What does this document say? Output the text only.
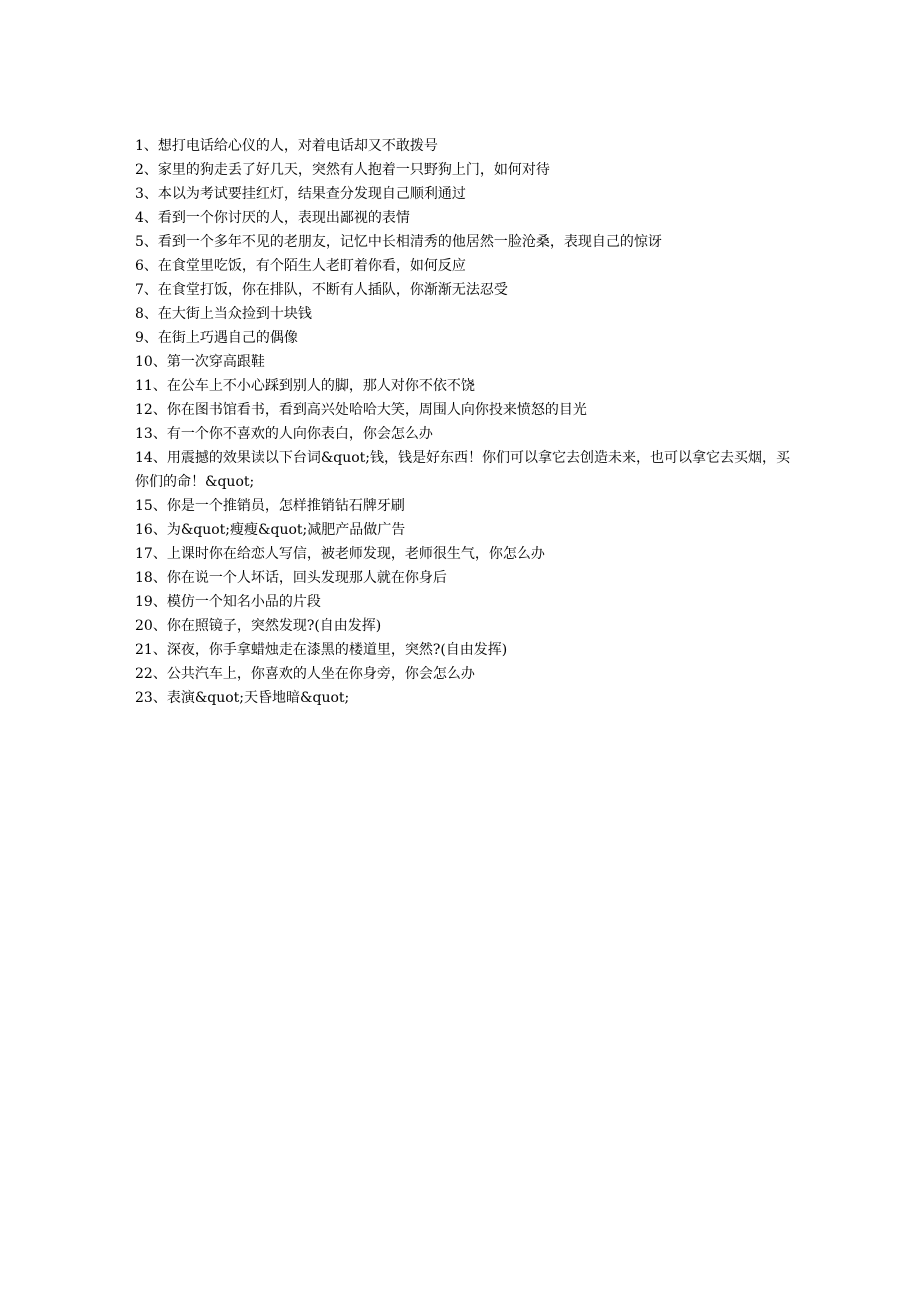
1、想打电话给心仪的人，对着电话却又不敢拨号

2、家里的狗走丢了好几天，突然有人抱着一只野狗上门，如何对待

3、本以为考试要挂红灯，结果查分发现自己顺利通过

4、看到一个你讨厌的人，表现出鄙视的表情

5、看到一个多年不见的老朋友，记忆中长相清秀的他居然一脸沧桑，表现自己的惊讶

6、在食堂里吃饭，有个陌生人老盯着你看，如何反应

7、在食堂打饭，你在排队，不断有人插队，你渐渐无法忍受

8、在大街上当众捡到十块钱

9、在街上巧遇自己的偶像

10、第一次穿高跟鞋

11、在公车上不小心踩到别人的脚，那人对你不依不饶

12、你在图书馆看书，看到高兴处哈哈大笑，周围人向你投来愤怒的目光

13、有一个你不喜欢的人向你表白，你会怎么办

14、用震撼的效果读以下台词&quot;钱，钱是好东西！你们可以拿它去创造未来，也可以拿它去买烟，买你们的命！&quot;

15、你是一个推销员，怎样推销钻石牌牙刷

16、为&quot;瘦瘦&quot;减肥产品做广告

17、上课时你在给恋人写信，被老师发现，老师很生气，你怎么办

18、你在说一个人坏话，回头发现那人就在你身后

19、模仿一个知名小品的片段

20、你在照镜子，突然发现?(自由发挥)

21、深夜，你手拿蜡烛走在漆黑的楼道里，突然?(自由发挥)

22、公共汽车上，你喜欢的人坐在你身旁，你会怎么办

23、表演&quot;天昏地暗&quot;
